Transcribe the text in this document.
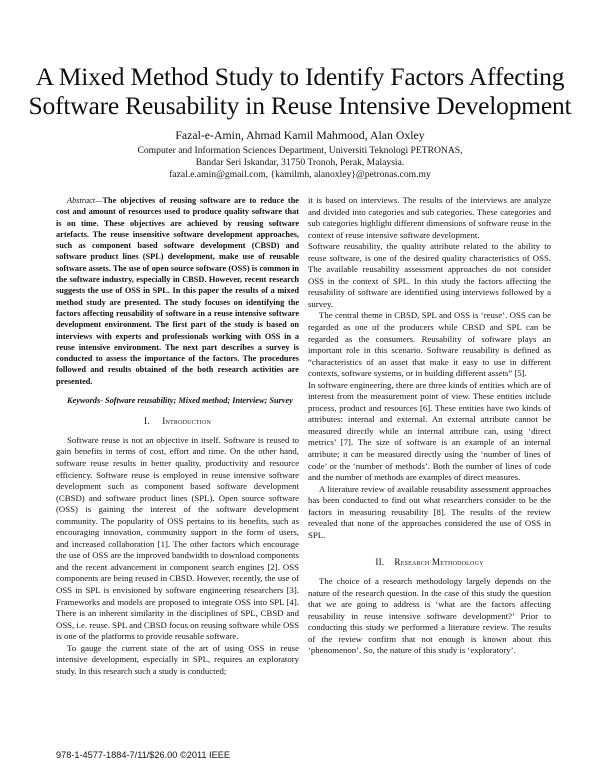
A Mixed Method Study to Identify Factors Affecting
Software Reusability in Reuse Intensive Development
Fazal-e-Amin, Ahmad Kamil Mahmood, Alan Oxley
Computer and Information Sciences Department, Universiti Teknologi PETRONAS,
Bandar Seri Iskandar, 31750 Tronoh, Perak, Malaysia.
fazal.e.amin@gmail.com, {kamilmh, alanoxley}@petronas.com.my

Abstract—The objectives of reusing software are to reduce the cost and amount of resources used to produce quality software that is on time. These objectives are achieved by reusing software artefacts. The reuse insensitive software development approaches, such as component based software development (CBSD) and software product lines (SPL) development, make use of reusable software assets. The use of open source software (OSS) is common in the software industry, especially in CBSD. However, recent research suggests the use of OSS in SPL. In this paper the results of a mixed method study are presented. The study focuses on identifying the factors affecting reusability of software in a reuse intensive software development environment. The first part of the study is based on interviews with experts and professionals working with OSS in a reuse intensive environment. The next part describes a survey is conducted to assess the importance of the factors. The procedures followed and results obtained of the both research activities are presented.

Keywords- Software reusability; Mixed method; Interview; Survey

I. Introduction

Software reuse is not an objective in itself. Software is reused to gain benefits in terms of cost, effort and time. On the other hand, software reuse results in better quality, productivity and resource efficiency. Software reuse is employed in reuse intensive software development such as component based software development (CBSD) and software product lines (SPL). Open source software (OSS) is gaining the interest of the software development community. The popularity of OSS pertains to its benefits, such as encouraging innovation, community support in the form of users, and increased collaboration [1]. The other factors which encourage the use of OSS are the improved bandwidth to download components and the recent advancement in component search engines [2]. OSS components are being reused in CBSD. However, recently, the use of OSS in SPL is envisioned by software engineering researchers [3]. Frameworks and models are proposed to integrate OSS into SPL [4]. There is an inherent similarity in the disciplines of SPL, CBSD and OSS, i.e. reuse. SPL and CBSD focus on reusing software while OSS is one of the platforms to provide reusable software.

To gauge the current state of the art of using OSS in reuse intensive development, especially in SPL, requires an exploratory study. In this research such a study is conducted;

it is based on interviews. The results of the interviews are analyze and divided into categories and sub categories. These categories and sub categories highlight different dimensions of software reuse in the context of reuse intensive software development.

Software reusability, the quality attribute related to the ability to reuse software, is one of the desired quality characteristics of OSS. The available reusability assessment approaches do not consider OSS in the context of SPL. In this study the factors affecting the reusability of software are identified using interviews followed by a survey.

The central theme in CBSD, SPL and OSS is ‘reuse’. OSS can be regarded as one of the producers while CBSD and SPL can be regarded as the consumers. Reusability of software plays an important role in this scenario. Software reusability is defined as “characteristics of an asset that make it easy to use in different contexts, software systems, or in building different assets” [5].

In software engineering, there are three kinds of entities which are of interest from the measurement point of view. These entities include process, product and resources [6]. These entities have two kinds of attributes: internal and external. An external attribute cannot be measured directly while an internal attribute can, using ‘direct metrics’ [7]. The size of software is an example of an internal attribute; it can be measured directly using the ‘number of lines of code’ or the ‘number of methods’. Both the number of lines of code and the number of methods are examples of direct measures.

A literature review of available reusability assessment approaches has been conducted to find out what researchers consider to be the factors in measuring reusability [8]. The results of the review revealed that none of the approaches considered the use of OSS in SPL.

II. Research Methodology

The choice of a research methodology largely depends on the nature of the research question. In the case of this study the question that we are going to address is ‘what are the factors affecting reusability in reuse intensive software development?’ Prior to conducting this study we performed a literature review. The results of the review confirm that not enough is known about this ‘phenomenon’. So, the nature of this study is ‘exploratory’.

978-1-4577-1884-7/11/$26.00 ©2011 IEEE
